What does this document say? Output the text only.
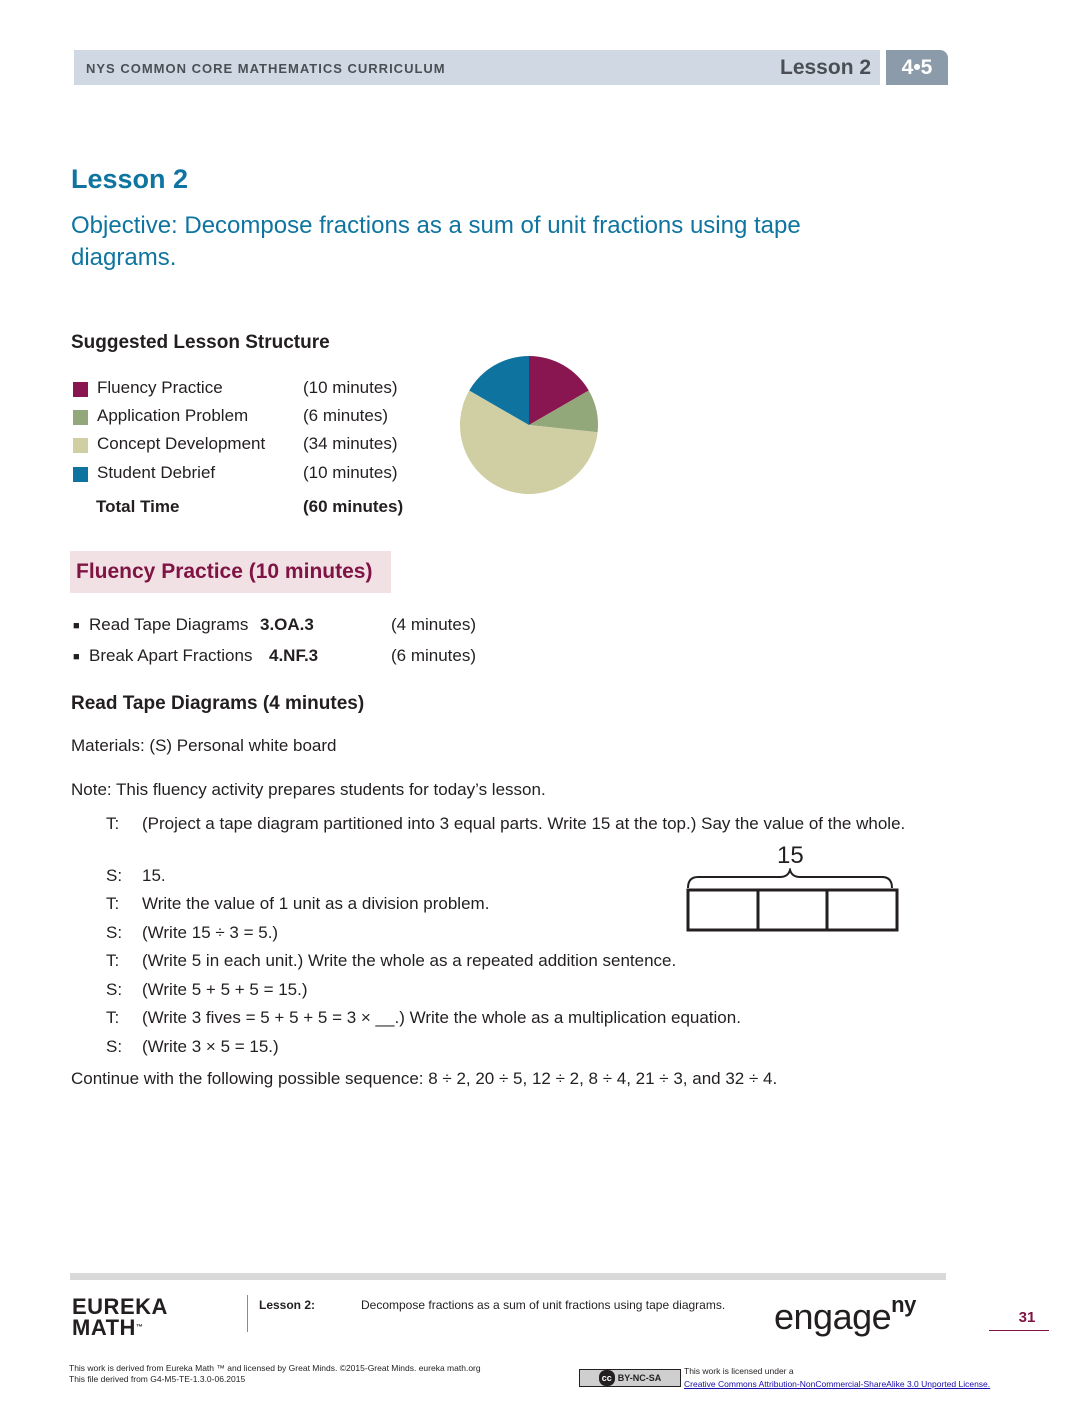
NYS COMMON CORE MATHEMATICS CURRICULUM	Lesson 2	4•5
Lesson 2
Objective: Decompose fractions as a sum of unit fractions using tape diagrams.
Suggested Lesson Structure
Fluency Practice	(10 minutes)
Application Problem	(6 minutes)
Concept Development (34 minutes)
Student Debrief	(10 minutes)
Total Time	(60 minutes)
Fluency Practice (10 minutes)
■ Read Tape Diagrams 3.OA.3	(4 minutes)
■ Break Apart Fractions 4.NF.3	(6 minutes)
Read Tape Diagrams (4 minutes)
Materials: (S) Personal white board
Note: This fluency activity prepares students for today’s lesson.
T: (Project a tape diagram partitioned into 3 equal parts. Write 15 at the top.) Say the value of the whole.
S: 15.
T: Write the value of 1 unit as a division problem.
S: (Write 15 ÷ 3 = 5.)
T: (Write 5 in each unit.) Write the whole as a repeated addition sentence.
S: (Write 5 + 5 + 5 = 15.)
T: (Write 3 fives = 5 + 5 + 5 = 3 × __.) Write the whole as a multiplication equation.
S: (Write 3 × 5 = 15.)
Continue with the following possible sequence: 8 ÷ 2, 20 ÷ 5, 12 ÷ 2, 8 ÷ 4, 21 ÷ 3, and 32 ÷ 4.
15
EUREKA
MATH™
Lesson 2:	Decompose fractions as a sum of unit fractions using tape diagrams. engage$^{ny}$
31
This work is derived from Eureka Math ™ and licensed by Great Minds. ©2015-Great Minds. eureka math.org
This file derived from G4-M5-TE-1.3.0-06.2015	cc BY-NC-SA
This work is licensed under a
Creative Commons Attribution-NonCommercial-ShareAlike 3.0 Unported License.
